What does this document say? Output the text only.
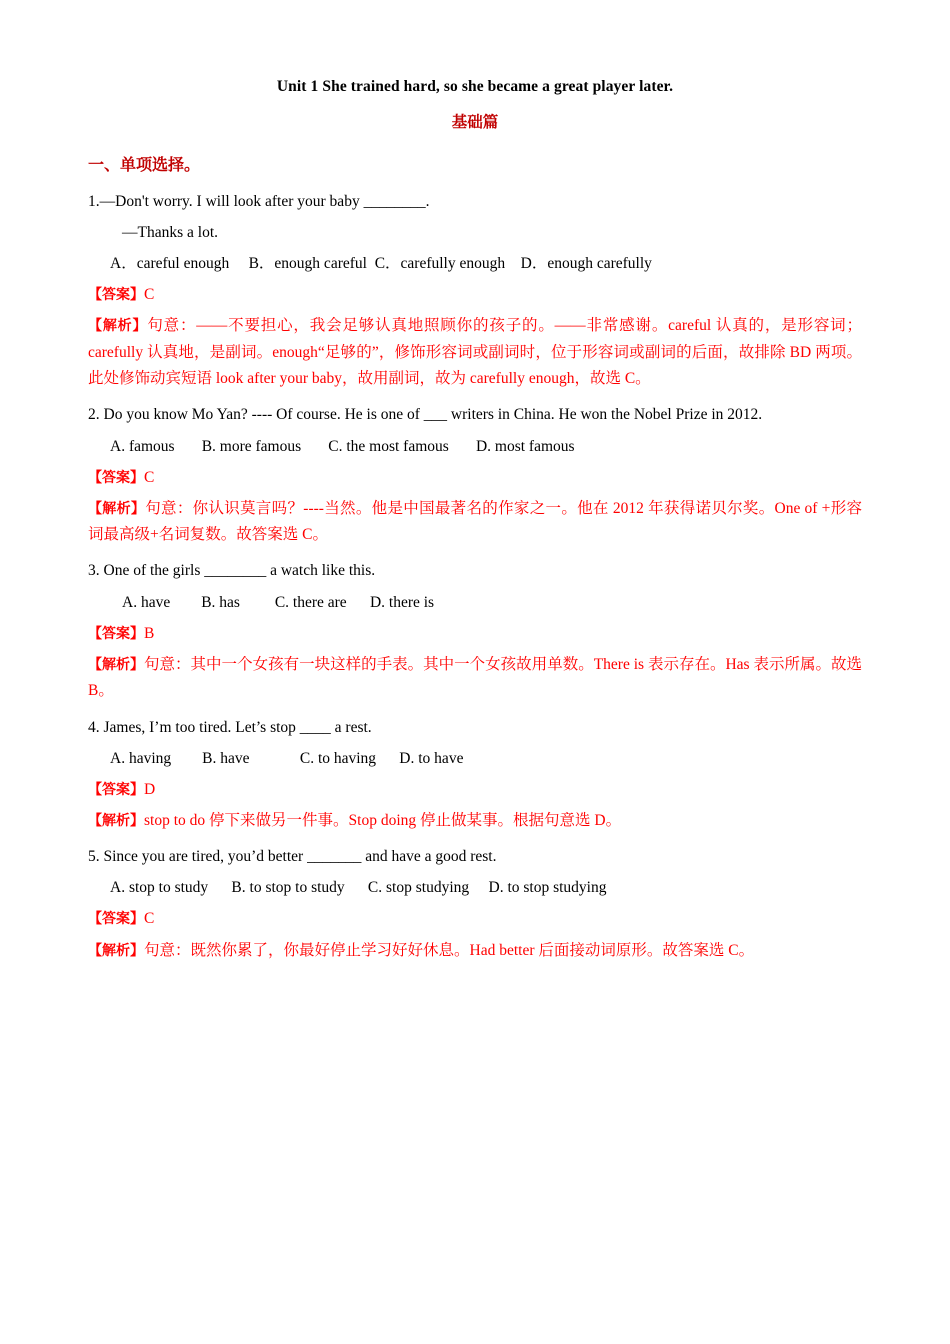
Unit 1 She trained hard, so she became a great player later.
基础篇
一、单项选择。
1.—Don't worry. I will look after your baby ________.
—Thanks a lot.
A．careful enough     B．enough careful  C．carefully enough    D．enough carefully
【答案】C
【解析】句意：——不要担心，我会足够认真地照顾你的孩子的。——非常感谢。careful 认真的，是形容词；carefully 认真地，是副词。enough“足够的”，修饰形容词或副词时，位于形容词或副词的后面，故排除 BD 两项。此处修饰动宾短语 look after your baby，故用副词，故为 carefully enough，故选 C。
2. Do you know Mo Yan? ---- Of course. He is one of ___ writers in China. He won the Nobel Prize in 2012.
A. famous       B. more famous       C. the most famous       D. most famous
【答案】C
【解析】句意：你认识莫言吗？----当然。他是中国最著名的作家之一。他在 2012 年获得诺贝尔奖。One of +形容词最高级+名词复数。故答案选 C。
3. One of the girls ________ a watch like this.
A. have        B. has         C. there are      D. there is
【答案】B
【解析】句意：其中一个女孩有一块这样的手表。其中一个女孩故用单数。There is 表示存在。Has 表示所属。故选 B。
4. James, I’m too tired. Let’s stop ____ a rest.
A. having        B. have             C. to having      D. to have
【答案】D
【解析】stop to do 停下来做另一件事。Stop doing 停止做某事。根据句意选 D。
5. Since you are tired, you’d better _______ and have a good rest.
A. stop to study      B. to stop to study      C. stop studying     D. to stop studying
【答案】C
【解析】句意：既然你累了，你最好停止学习好好休息。Had better 后面接动词原形。故答案选 C。
